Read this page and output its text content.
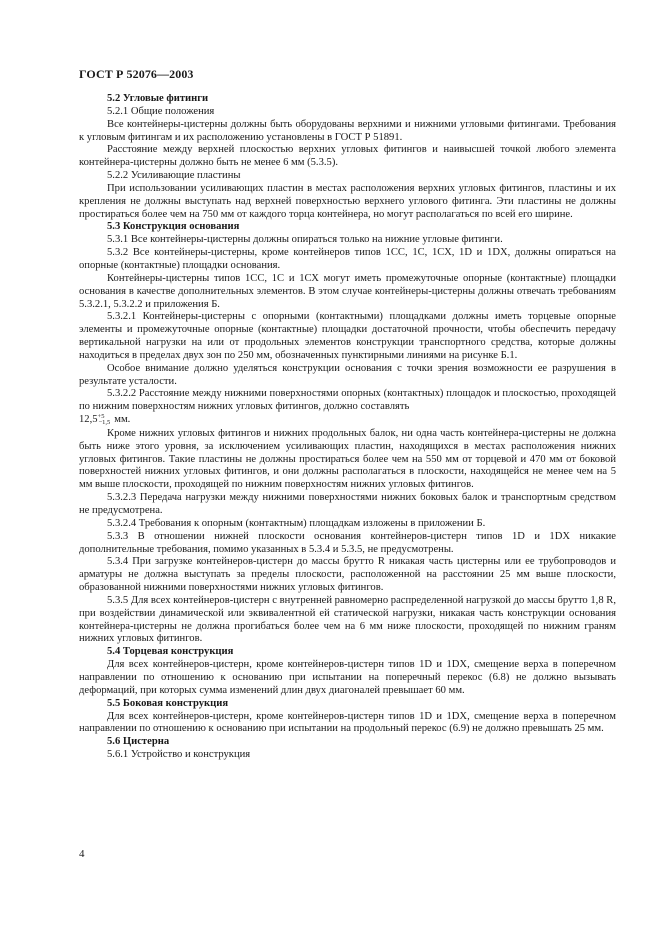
ГОСТ Р 52076—2003

5.2 Угловые фитинги

5.2.1 Общие положения

Все контейнеры-цистерны должны быть оборудованы верхними и нижними угловыми фитингами. Требования к угловым фитингам и их расположению установлены в ГОСТ Р 51891.

Расстояние между верхней плоскостью верхних угловых фитингов и наивысшей точкой любого элемента контейнера-цистерны должно быть не менее 6 мм (5.3.5).

5.2.2 Усиливающие пластины

При использовании усиливающих пластин в местах расположения верхних угловых фитингов, пластины и их крепления не должны выступать над верхней поверхностью верхнего углового фитинга. Эти пластины не должны простираться более чем на 750 мм от каждого торца контейнера, но могут располагаться по всей его ширине.

5.3 Конструкция основания

5.3.1 Все контейнеры-цистерны должны опираться только на нижние угловые фитинги.

5.3.2 Все контейнеры-цистерны, кроме контейнеров типов 1СС, 1С, 1СХ, 1D и 1DX, должны опираться на опорные (контактные) площадки основания.

Контейнеры-цистерны типов 1СС, 1С и 1СХ могут иметь промежуточные опорные (контактные) площадки основания в качестве дополнительных элементов. В этом случае контейнеры-цистерны должны отвечать требованиям 5.3.2.1, 5.3.2.2 и приложения Б.

5.3.2.1 Контейнеры-цистерны с опорными (контактными) площадками должны иметь торцевые опорные элементы и промежуточные опорные (контактные) площадки достаточной прочности, чтобы обеспечить передачу вертикальной нагрузки на или от продольных элементов конструкции транспортного средства, которые должны находиться в пределах двух зон по 250 мм, обозначенных пунктирными линиями на рисунке Б.1.

Особое внимание должно уделяться конструкции основания с точки зрения возможности ее разрушения в результате усталости.

5.3.2.2 Расстояние между нижними поверхностями опорных (контактных) площадок и плоскостью, проходящей по нижним поверхностям нижних угловых фитингов, должно составлять

$12,5^{+5}-1,5$ мм.

Кроме нижних угловых фитингов и нижних продольных балок, ни одна часть контейнера-цистерны не должна быть ниже этого уровня, за исключением усиливающих пластин, находящихся в местах расположения нижних угловых фитингов. Такие пластины не должны простираться более чем на 550 мм от торцевой и 470 мм от боковой поверхностей нижних угловых фитингов, и они должны располагаться в плоскости, находящейся не менее чем на 5 мм выше плоскости, проходящей по нижним поверхностям нижних угловых фитингов.

5.3.2.3 Передача нагрузки между нижними поверхностями нижних боковых балок и транспортным средством не предусмотрена.

5.3.2.4 Требования к опорным (контактным) площадкам изложены в приложении Б.

5.3.3 В отношении нижней плоскости основания контейнеров-цистерн типов 1D и 1DX никакие дополнительные требования, помимо указанных в 5.3.4 и 5.3.5, не предусмотрены.

5.3.4 При загрузке контейнеров-цистерн до массы брутто R никакая часть цистерны или ее трубопроводов и арматуры не должна выступать за пределы плоскости, расположенной на расстоянии 25 мм выше плоскости, образованной нижними поверхностями нижних угловых фитингов.

5.3.5 Для всех контейнеров-цистерн с внутренней равномерно распределенной нагрузкой до массы брутто 1,8 R, при воздействии динамической или эквивалентной ей статической нагрузки, никакая часть конструкции основания контейнера-цистерны не должна прогибаться более чем на 6 мм ниже плоскости, проходящей по нижним граням нижних угловых фитингов.

5.4 Торцевая конструкция

Для всех контейнеров-цистерн, кроме контейнеров-цистерн типов 1D и 1DX, смещение верха в поперечном направлении по отношению к основанию при испытании на поперечный перекос (6.8) не должно вызывать деформаций, при которых сумма изменений длин двух диагоналей превышает 60 мм.

5.5 Боковая конструкция

Для всех контейнеров-цистерн, кроме контейнеров-цистерн типов 1D и 1DX, смещение верха в поперечном направлении по отношению к основанию при испытании на продольный перекос (6.9) не должно превышать 25 мм.

5.6 Цистерна

5.6.1 Устройство и конструкция

4
